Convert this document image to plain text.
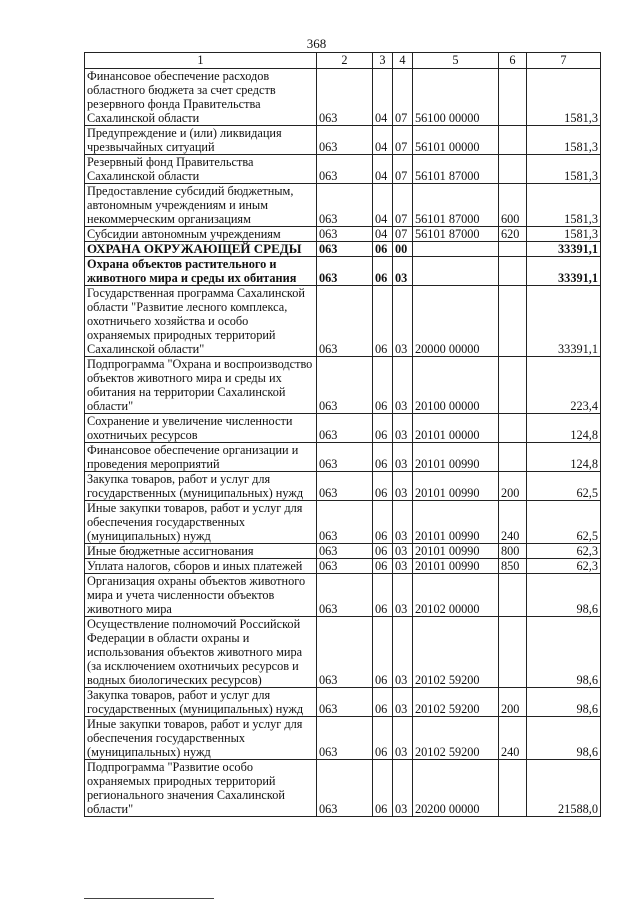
368
1	2	3	4	5	6	7
Финансовое обеспечение расходов областного бюджета за счет средств резервного фонда Правительства Сахалинской области	063	04	07	56100 00000		1581,3
Предупреждение и (или) ликвидация чрезвычайных ситуаций	063	04	07	56101 00000		1581,3
Резервный фонд Правительства Сахалинской области	063	04	07	56101 87000		1581,3
Предоставление субсидий бюджетным, автономным учреждениям и иным некоммерческим организациям	063	04	07	56101 87000	600	1581,3
Субсидии автономным учреждениям	063	04	07	56101 87000	620	1581,3
ОХРАНА ОКРУЖАЮЩЕЙ СРЕДЫ	063	06	00			33391,1
Охрана объектов растительного и животного мира и среды их обитания	063	06	03			33391,1
Государственная программа Сахалинской области "Развитие лесного комплекса, охотничьего хозяйства и особо охраняемых природных территорий Сахалинской области"	063	06	03	20000 00000		33391,1
Подпрограмма "Охрана и воспроизводство объектов животного мира и среды их обитания на территории Сахалинской области"	063	06	03	20100 00000		223,4
Сохранение и увеличение численности охотничьих ресурсов	063	06	03	20101 00000		124,8
Финансовое обеспечение организации и проведения мероприятий	063	06	03	20101 00990		124,8
Закупка товаров, работ и услуг для государственных (муниципальных) нужд	063	06	03	20101 00990	200	62,5
Иные закупки товаров, работ и услуг для обеспечения государственных (муниципальных) нужд	063	06	03	20101 00990	240	62,5
Иные бюджетные ассигнования	063	06	03	20101 00990	800	62,3
Уплата налогов, сборов и иных платежей	063	06	03	20101 00990	850	62,3
Организация охраны объектов животного мира и учета численности объектов животного мира	063	06	03	20102 00000		98,6
Осуществление полномочий Российской Федерации в области охраны и использования объектов животного мира (за исключением охотничьих ресурсов и водных биологических ресурсов)	063	06	03	20102 59200		98,6
Закупка товаров, работ и услуг для государственных (муниципальных) нужд	063	06	03	20102 59200	200	98,6
Иные закупки товаров, работ и услуг для обеспечения государственных (муниципальных) нужд	063	06	03	20102 59200	240	98,6
Подпрограмма "Развитие особо охраняемых природных территорий регионального значения Сахалинской области"	063	06	03	20200 00000		21588,0
